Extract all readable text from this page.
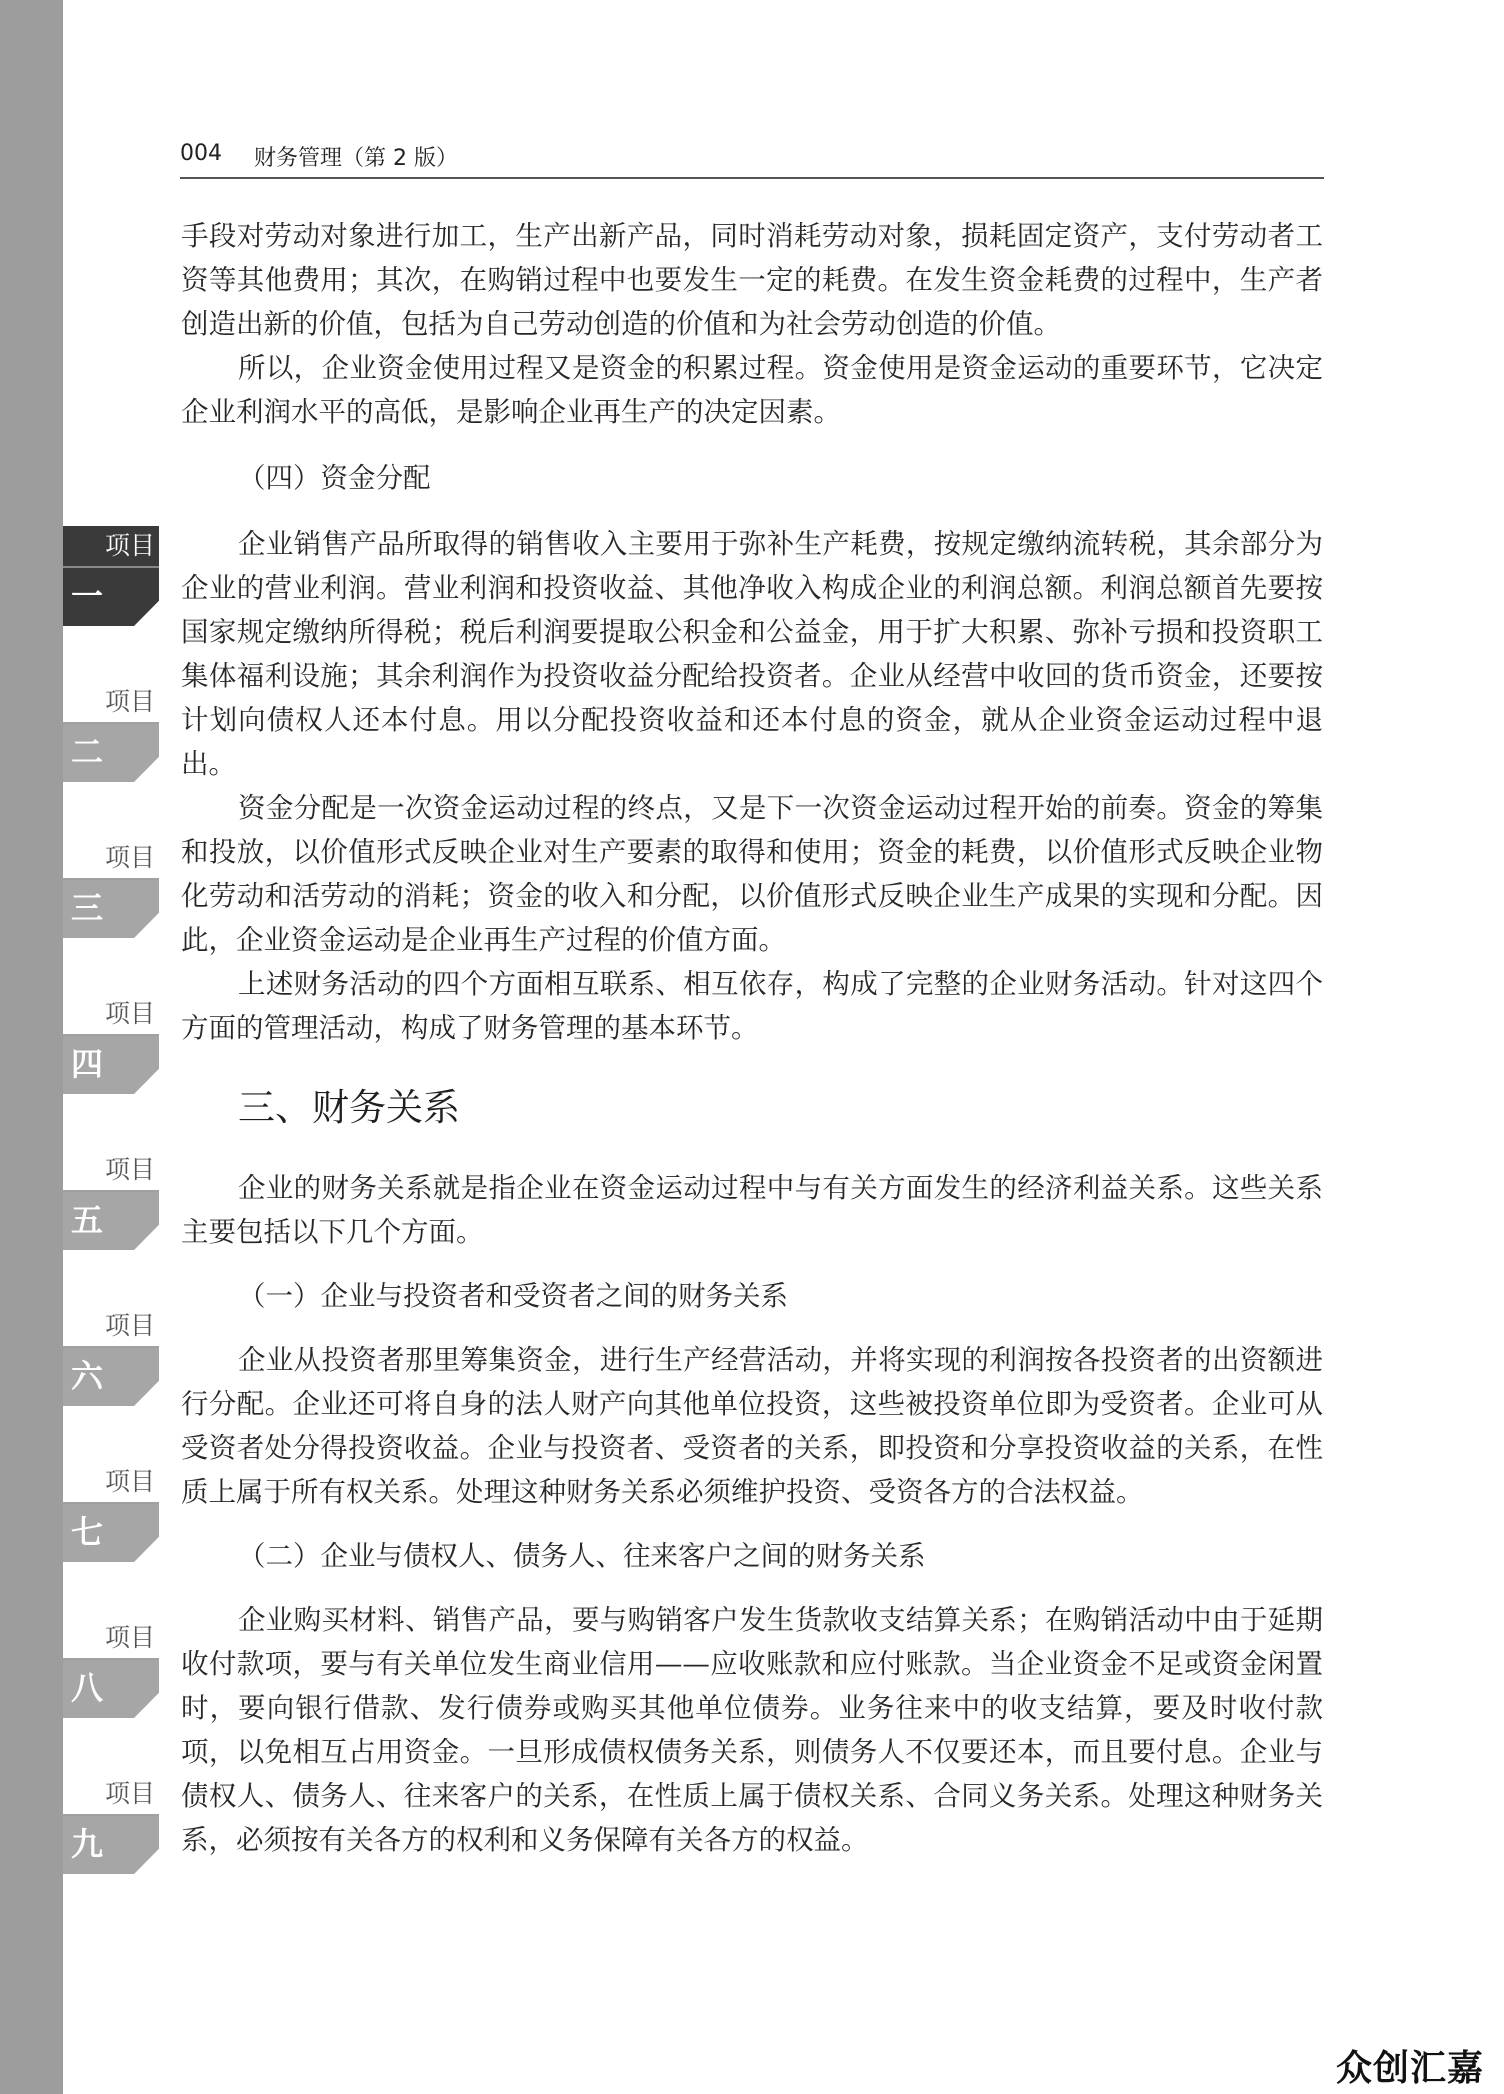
项目
一
项目
二
项目
三
项目
四
项目
五
项目
六
项目
七
项目
八
项目
九
004 财务管理（第 2 版）

手段对劳动对象进行加工，生产出新产品，同时消耗劳动对象，损耗固定资产，支付劳动者工资等其他费用；其次，在购销过程中也要发生一定的耗费。在发生资金耗费的过程中，生产者创造出新的价值，包括为自己劳动创造的价值和为社会劳动创造的价值。

所以，企业资金使用过程又是资金的积累过程。资金使用是资金运动的重要环节，它决定企业利润水平的高低，是影响企业再生产的决定因素。

（四）资金分配

企业销售产品所取得的销售收入主要用于弥补生产耗费，按规定缴纳流转税，其余部分为企业的营业利润。营业利润和投资收益、其他净收入构成企业的利润总额。利润总额首先要按国家规定缴纳所得税；税后利润要提取公积金和公益金，用于扩大积累、弥补亏损和投资职工集体福利设施；其余利润作为投资收益分配给投资者。企业从经营中收回的货币资金，还要按计划向债权人还本付息。用以分配投资收益和还本付息的资金，就从企业资金运动过程中退出。

资金分配是一次资金运动过程的终点，又是下一次资金运动过程开始的前奏。资金的筹集和投放，以价值形式反映企业对生产要素的取得和使用；资金的耗费，以价值形式反映企业物化劳动和活劳动的消耗；资金的收入和分配，以价值形式反映企业生产成果的实现和分配。因此，企业资金运动是企业再生产过程的价值方面。

上述财务活动的四个方面相互联系、相互依存，构成了完整的企业财务活动。针对这四个方面的管理活动，构成了财务管理的基本环节。

三、财务关系

企业的财务关系就是指企业在资金运动过程中与有关方面发生的经济利益关系。这些关系主要包括以下几个方面。

（一）企业与投资者和受资者之间的财务关系

企业从投资者那里筹集资金，进行生产经营活动，并将实现的利润按各投资者的出资额进行分配。企业还可将自身的法人财产向其他单位投资，这些被投资单位即为受资者。企业可从受资者处分得投资收益。企业与投资者、受资者的关系，即投资和分享投资收益的关系，在性质上属于所有权关系。处理这种财务关系必须维护投资、受资各方的合法权益。

（二）企业与债权人、债务人、往来客户之间的财务关系

企业购买材料、销售产品，要与购销客户发生货款收支结算关系；在购销活动中由于延期收付款项，要与有关单位发生商业信用——应收账款和应付账款。当企业资金不足或资金闲置时，要向银行借款、发行债券或购买其他单位债券。业务往来中的收支结算，要及时收付款项，以免相互占用资金。一旦形成债权债务关系，则债务人不仅要还本，而且要付息。企业与债权人、债务人、往来客户的关系，在性质上属于债权关系、合同义务关系。处理这种财务关系，必须按有关各方的权利和义务保障有关各方的权益。

众创汇嘉
